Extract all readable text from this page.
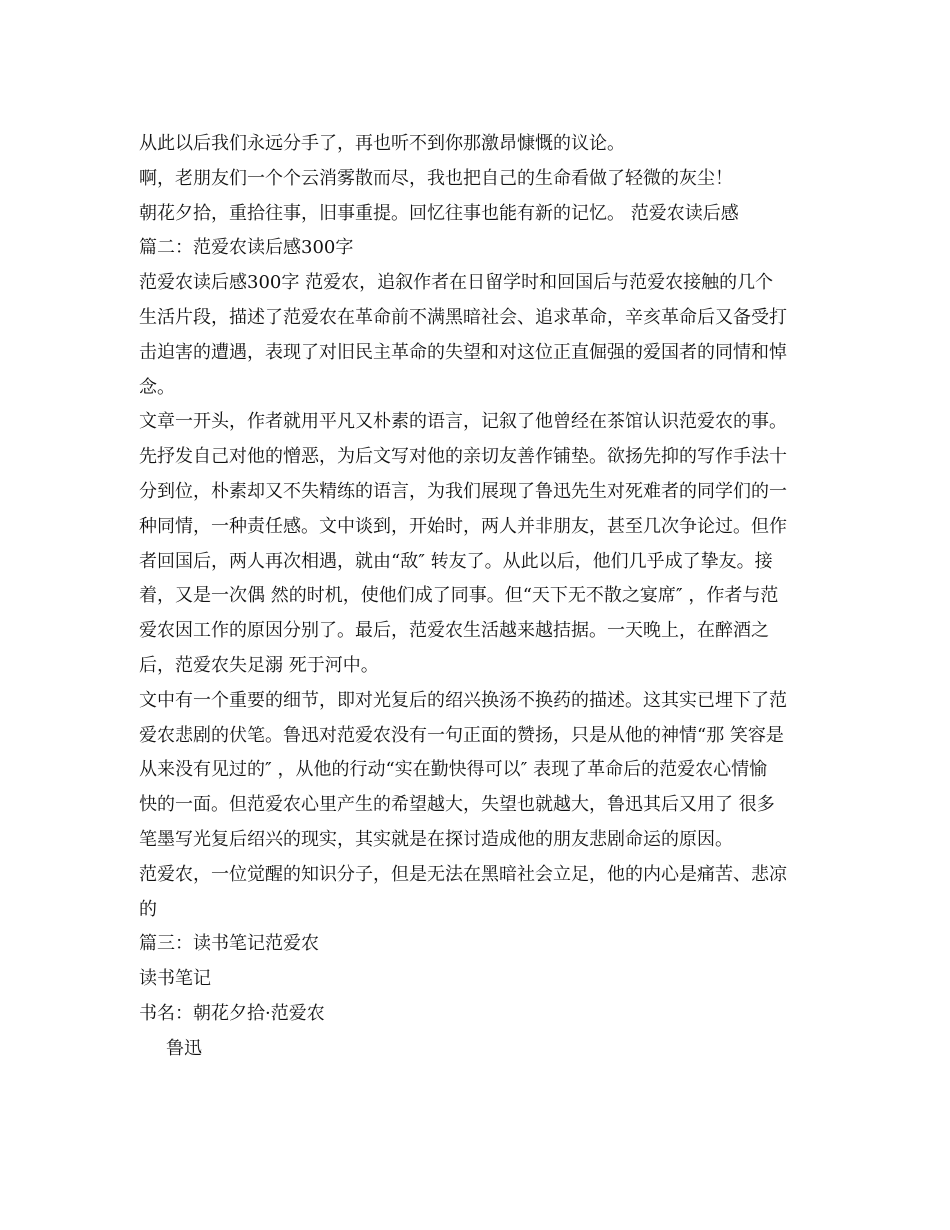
从此以后我们永远分手了，再也听不到你那激昂慷慨的议论。
啊，老朋友们一个个云消雾散而尽，我也把自己的生命看做了轻微的灰尘！
朝花夕拾，重拾往事，旧事重提。回忆往事也能有新的记忆。 范爱农读后感
篇二：范爱农读后感300字
范爱农读后感300字 范爱农，追叙作者在日留学时和回国后与范爱农接触的几个
生活片段，描述了范爱农在革命前不满黑暗社会、追求革命，辛亥革命后又备受打
击迫害的遭遇，表现了对旧民主革命的失望和对这位正直倔强的爱国者的同情和悼
念。
文章一开头，作者就用平凡又朴素的语言，记叙了他曾经在茶馆认识范爱农的事。
先抒发自己对他的憎恶，为后文写对他的亲切友善作铺垫。欲扬先抑的写作手法十
分到位，朴素却又不失精练的语言，为我们展现了鲁迅先生对死难者的同学们的一
种同情，一种责任感。文中谈到，开始时，两人并非朋友，甚至几次争论过。但作
者回国后，两人再次相遇，就由“敌″ 转友了。从此以后，他们几乎成了挚友。接
着，又是一次偶 然的时机，使他们成了同事。但“天下无不散之宴席″ ，作者与范
爱农因工作的原因分别了。最后，范爱农生活越来越拮据。一天晚上，在醉酒之
后，范爱农失足溺 死于河中。
文中有一个重要的细节，即对光复后的绍兴换汤不换药的描述。这其实已埋下了范
爱农悲剧的伏笔。鲁迅对范爱农没有一句正面的赞扬，只是从他的神情“那 笑容是
从来没有见过的″ ，从他的行动“实在勤快得可以″ 表现了革命后的范爱农心情愉
快的一面。但范爱农心里产生的希望越大，失望也就越大，鲁迅其后又用了 很多
笔墨写光复后绍兴的现实，其实就是在探讨造成他的朋友悲剧命运的原因。
范爱农，一位觉醒的知识分子，但是无法在黑暗社会立足，他的内心是痛苦、悲凉
的
篇三：读书笔记范爱农
读书笔记
书名：朝花夕拾·范爱农
鲁迅
